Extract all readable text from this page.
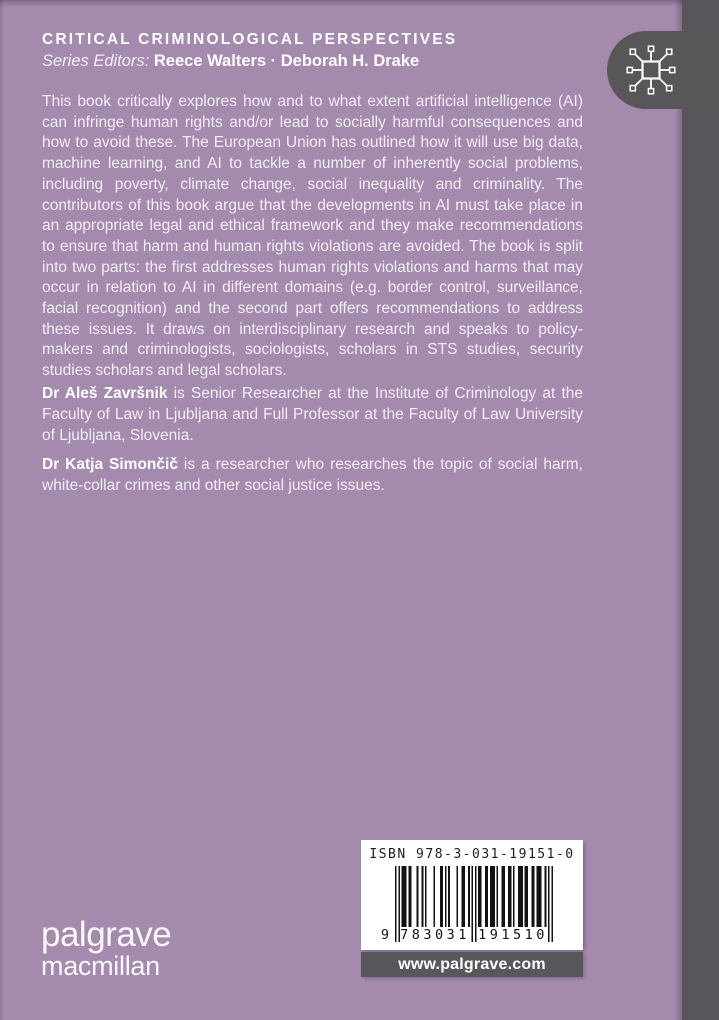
CRITICAL CRIMINOLOGICAL PERSPECTIVES

Series Editors: Reece Walters · Deborah H. Drake

This book critically explores how and to what extent artificial intelligence (AI) can infringe human rights and/or lead to socially harmful consequences and how to avoid these. The European Union has outlined how it will use big data, machine learning, and AI to tackle a number of inherently social problems, including poverty, climate change, social inequality and criminality. The contributors of this book argue that the developments in AI must take place in an appropriate legal and ethical framework and they make recommendations to ensure that harm and human rights violations are avoided. The book is split into two parts: the first addresses human rights violations and harms that may occur in relation to AI in different domains (e.g. border control, surveillance, facial recognition) and the second part offers recommendations to address these issues. It draws on interdisciplinary research and speaks to policy-makers and criminologists, sociologists, scholars in STS studies, security studies scholars and legal scholars.

Dr Aleš Završnik is Senior Researcher at the Institute of Criminology at the Faculty of Law in Ljubljana and Full Professor at the Faculty of Law University of Ljubljana, Slovenia.

Dr Katja Simončič is a researcher who researches the topic of social harm, white-collar crimes and other social justice issues.

palgrave
macmillan
ISBN 978-3-031-19151-0
9 783031 191510
www.palgrave.com
